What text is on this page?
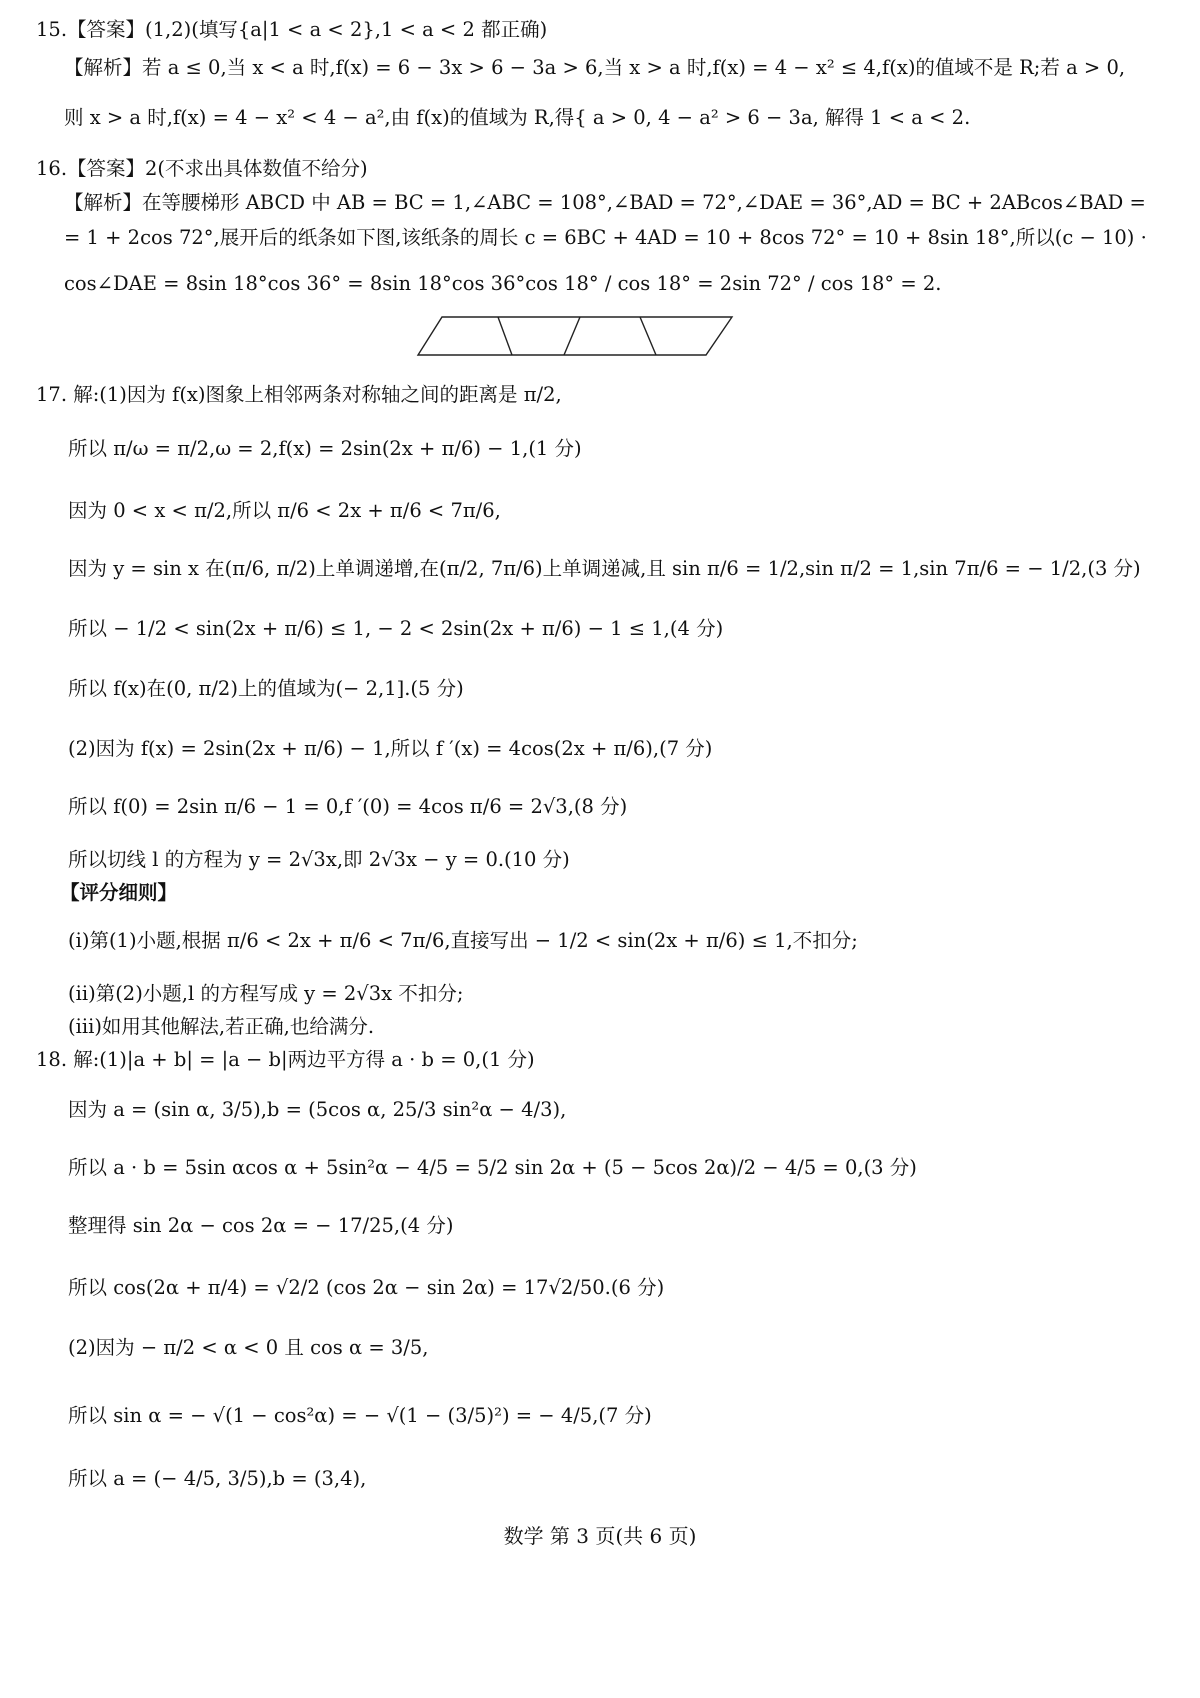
15.【答案】(1,2)(填写{a|1 < a < 2},1 < a < 2 都正确)
【解析】若 a ≤ 0,当 x < a 时,f(x) = 6 − 3x > 6 − 3a > 6,当 x > a 时,f(x) = 4 − x² ≤ 4,f(x)的值域不是 R;若 a > 0,
则 x > a 时,f(x) = 4 − x² < 4 − a²,由 f(x)的值域为 R,得{ a > 0, 4 − a² > 6 − 3a, 解得 1 < a < 2.
16.【答案】2(不求出具体数值不给分)
【解析】在等腰梯形 ABCD 中 AB = BC = 1,∠ABC = 108°,∠BAD = 72°,∠DAE = 36°,AD = BC + 2ABcos∠BAD =
= 1 + 2cos 72°,展开后的纸条如下图,该纸条的周长 c = 6BC + 4AD = 10 + 8cos 72° = 10 + 8sin 18°,所以(c − 10) ·
cos∠DAE = 8sin 18°cos 36° = 8sin 18°cos 36°cos 18° / cos 18° = 2sin 72° / cos 18° = 2.
17. 解:(1)因为 f(x)图象上相邻两条对称轴之间的距离是 π/2,
所以 π/ω = π/2,ω = 2,f(x) = 2sin(2x + π/6) − 1,(1 分)
因为 0 < x < π/2,所以 π/6 < 2x + π/6 < 7π/6,
因为 y = sin x 在(π/6, π/2)上单调递增,在(π/2, 7π/6)上单调递减,且 sin π/6 = 1/2,sin π/2 = 1,sin 7π/6 = − 1/2,(3 分)
所以 − 1/2 < sin(2x + π/6) ≤ 1, − 2 < 2sin(2x + π/6) − 1 ≤ 1,(4 分)
所以 f(x)在(0, π/2)上的值域为(− 2,1].(5 分)
(2)因为 f(x) = 2sin(2x + π/6) − 1,所以 f ′(x) = 4cos(2x + π/6),(7 分)
所以 f(0) = 2sin π/6 − 1 = 0,f ′(0) = 4cos π/6 = 2√3,(8 分)
所以切线 l 的方程为 y = 2√3x,即 2√3x − y = 0.(10 分)
【评分细则】
(i)第(1)小题,根据 π/6 < 2x + π/6 < 7π/6,直接写出 − 1/2 < sin(2x + π/6) ≤ 1,不扣分;
(ii)第(2)小题,l 的方程写成 y = 2√3x 不扣分;
(iii)如用其他解法,若正确,也给满分.
18. 解:(1)|a + b| = |a − b|两边平方得 a · b = 0,(1 分)
因为 a = (sin α, 3/5),b = (5cos α, 25/3 sin²α − 4/3),
所以 a · b = 5sin αcos α + 5sin²α − 4/5 = 5/2 sin 2α + (5 − 5cos 2α)/2 − 4/5 = 0,(3 分)
整理得 sin 2α − cos 2α = − 17/25,(4 分)
所以 cos(2α + π/4) = √2/2 (cos 2α − sin 2α) = 17√2/50.(6 分)
(2)因为 − π/2 < α < 0 且 cos α = 3/5,
所以 sin α = − √(1 − cos²α) = − √(1 − (3/5)²) = − 4/5,(7 分)
所以 a = (− 4/5, 3/5),b = (3,4),
数学 第 3 页(共 6 页)
